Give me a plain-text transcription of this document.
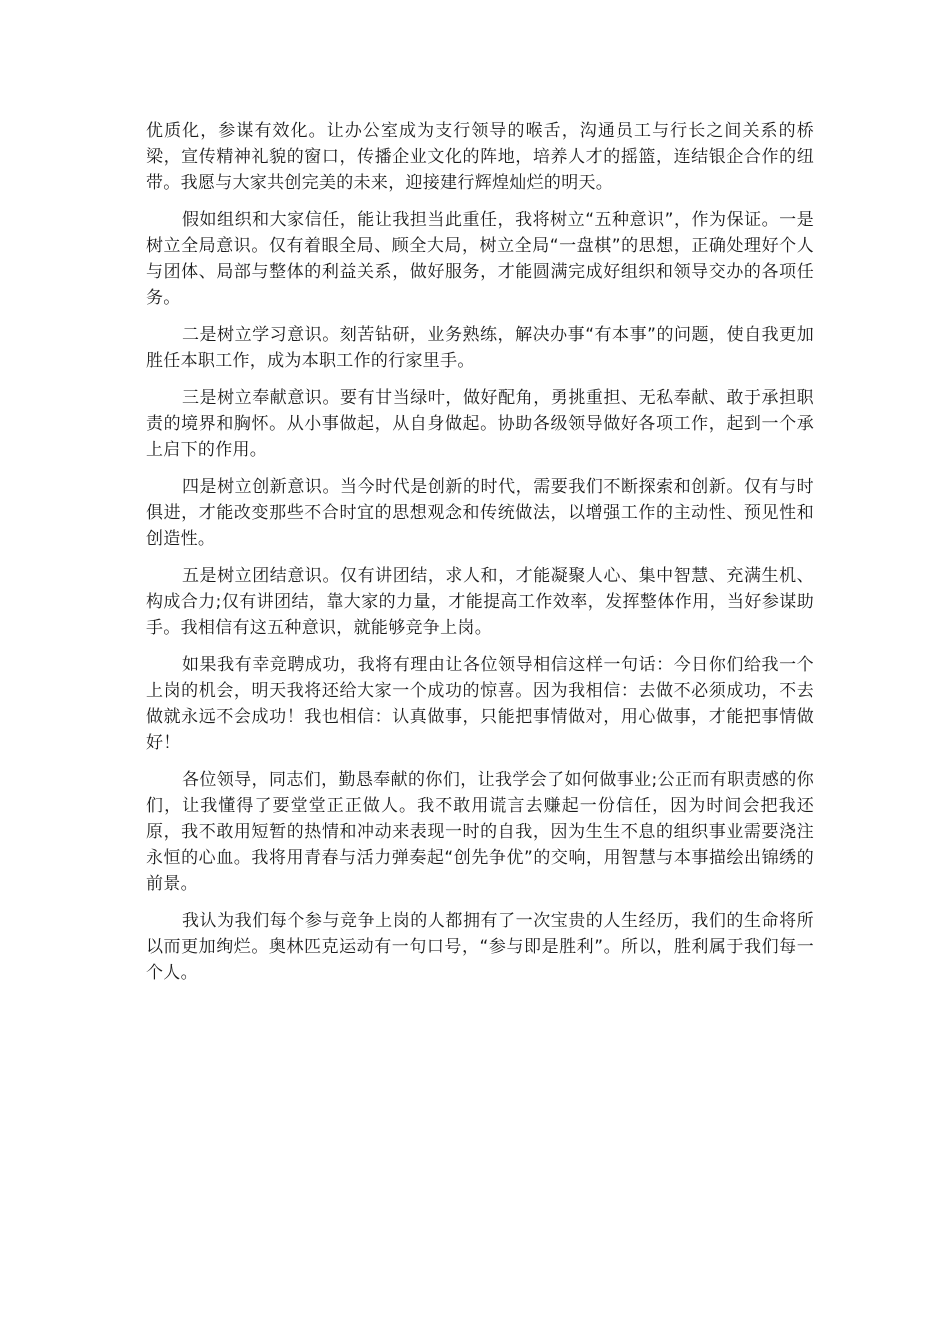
优质化，参谋有效化。让办公室成为支行领导的喉舌，沟通员工与行长之间关系的桥梁，宣传精神礼貌的窗口，传播企业文化的阵地，培养人才的摇篮，连结银企合作的纽带。我愿与大家共创完美的未来，迎接建行辉煌灿烂的明天。

假如组织和大家信任，能让我担当此重任，我将树立“五种意识”，作为保证。一是树立全局意识。仅有着眼全局、顾全大局，树立全局“一盘棋”的思想，正确处理好个人与团体、局部与整体的利益关系，做好服务，才能圆满完成好组织和领导交办的各项任务。

二是树立学习意识。刻苦钻研，业务熟练，解决办事“有本事”的问题，使自我更加胜任本职工作，成为本职工作的行家里手。

三是树立奉献意识。要有甘当绿叶，做好配角，勇挑重担、无私奉献、敢于承担职责的境界和胸怀。从小事做起，从自身做起。协助各级领导做好各项工作，起到一个承上启下的作用。

四是树立创新意识。当今时代是创新的时代，需要我们不断探索和创新。仅有与时俱进，才能改变那些不合时宜的思想观念和传统做法，以增强工作的主动性、预见性和创造性。

五是树立团结意识。仅有讲团结，求人和，才能凝聚人心、集中智慧、充满生机、构成合力;仅有讲团结，靠大家的力量，才能提高工作效率，发挥整体作用，当好参谋助手。我相信有这五种意识，就能够竞争上岗。

如果我有幸竞聘成功，我将有理由让各位领导相信这样一句话：今日你们给我一个上岗的机会，明天我将还给大家一个成功的惊喜。因为我相信：去做不必须成功，不去做就永远不会成功！我也相信：认真做事，只能把事情做对，用心做事，才能把事情做好！

各位领导，同志们，勤恳奉献的你们，让我学会了如何做事业;公正而有职责感的你们，让我懂得了要堂堂正正做人。我不敢用谎言去赚起一份信任，因为时间会把我还原，我不敢用短暂的热情和冲动来表现一时的自我，因为生生不息的组织事业需要浇注永恒的心血。我将用青春与活力弹奏起“创先争优”的交响，用智慧与本事描绘出锦绣的前景。

我认为我们每个参与竞争上岗的人都拥有了一次宝贵的人生经历，我们的生命将所以而更加绚烂。奥林匹克运动有一句口号，“参与即是胜利”。所以，胜利属于我们每一个人。
